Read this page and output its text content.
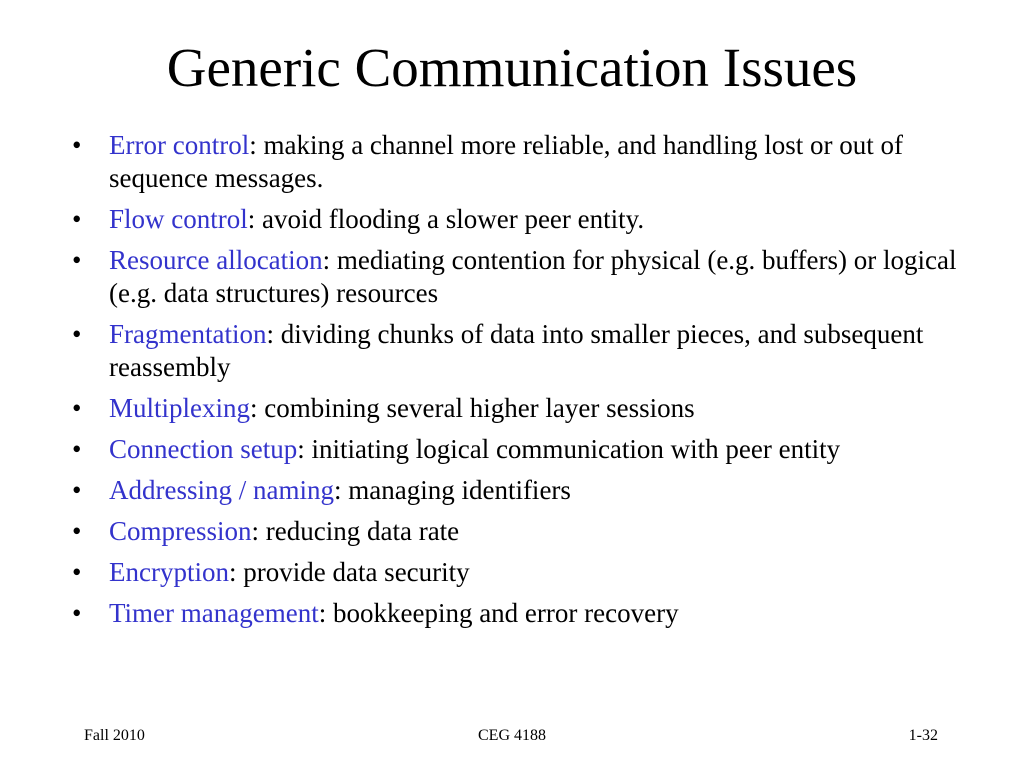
Generic Communication Issues
•	Error control: making a channel more reliable, and handling lost or out of sequence messages.
•	Flow control: avoid flooding a slower peer entity.
•	Resource allocation: mediating contention for physical (e.g. buffers) or logical (e.g. data structures) resources
•	Fragmentation: dividing chunks of data into smaller pieces, and subsequent reassembly
•	Multiplexing: combining several higher layer sessions
•	Connection setup: initiating logical communication with peer entity
•	Addressing / naming: managing identifiers
•	Compression: reducing data rate
•	Encryption: provide data security
•	Timer management: bookkeeping and error recovery
Fall 2010	CEG 4188	1-32
